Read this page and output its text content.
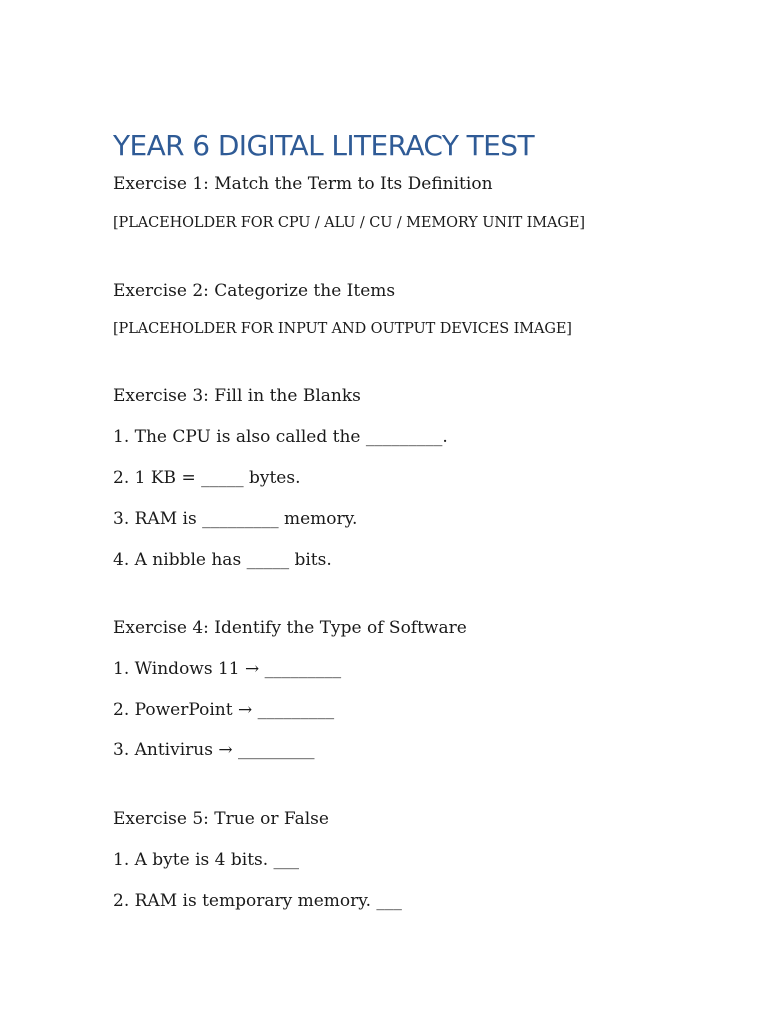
YEAR 6 DIGITAL LITERACY TEST

Exercise 1: Match the Term to Its Definition

[PLACEHOLDER FOR CPU / ALU / CU / MEMORY UNIT IMAGE]

Exercise 2: Categorize the Items

[PLACEHOLDER FOR INPUT AND OUTPUT DEVICES IMAGE]

Exercise 3: Fill in the Blanks

1. The CPU is also called the _________.

2. 1 KB = _____ bytes.

3. RAM is _________ memory.

4. A nibble has _____ bits.

Exercise 4: Identify the Type of Software

1. Windows 11 → _________

2. PowerPoint → _________

3. Antivirus → _________

Exercise 5: True or False

1. A byte is 4 bits. ___

2. RAM is temporary memory. ___
